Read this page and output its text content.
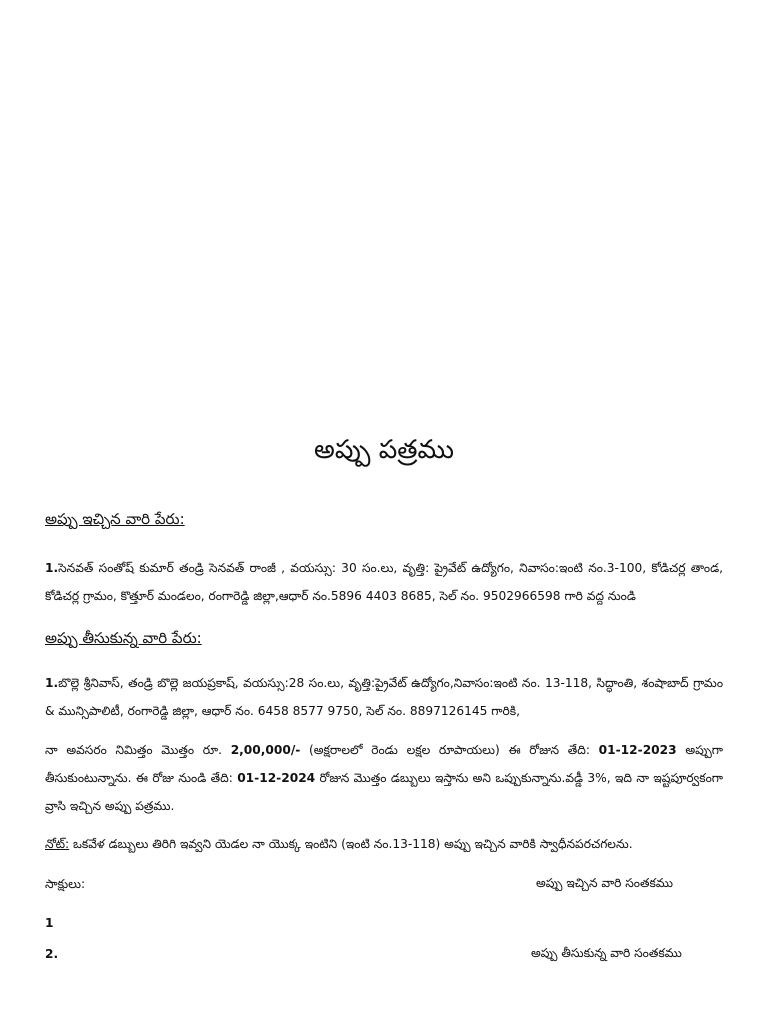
అప్పు పత్రము
అప్పు ఇచ్చిన వారి పేరు:

1.సెనవత్ సంతోష్ కుమార్ తండ్రి సెనవత్ రాంజీ , వయస్సు: 30 సం.లు, వృత్తి: ప్రైవేట్ ఉద్యోగం, నివాసం:ఇంటి నం.3-100, కోడిచర్ల తాండ, కోడిచర్ల గ్రామం, కొత్తూర్ మండలం, రంగారెడ్డి జిల్లా,ఆధార్ నం.5896 4403 8685, సెల్ నం. 9502966598 గారి వద్ద నుండి

అప్పు తీసుకున్న వారి పేరు:

1.బొల్లె శ్రీనివాస్, తండ్రి బొల్లె జయప్రకాష్, వయస్సు:28 సం.లు, వృత్తి:ప్రైవేట్ ఉద్యోగం,నివాసం:ఇంటి నం. 13-118, సిద్ధాంతి, శంషాబాద్ గ్రామం & మున్సిపాలిటీ, రంగారెడ్డి జిల్లా, ఆధార్ నం. 6458 8577 9750, సెల్ నం. 8897126145 గారికి,

నా అవసరం నిమిత్తం మొత్తం రూ. 2,00,000/- (అక్షరాలలో రెండు లక్షల రూపాయలు) ఈ రోజున తేది: 01-12-2023 అప్పుగా తీసుకుంటున్నాను. ఈ రోజు నుండి తేది: 01-12-2024 రోజున మొత్తం డబ్బులు ఇస్తాను అని ఒప్పుకున్నాను.వడ్డీ 3%, ఇది నా ఇష్టపూర్వకంగా వ్రాసి ఇచ్చిన అప్పు పత్రము.

నోట్: ఒకవేళ డబ్బులు తిరిగి ఇవ్వని యెడల నా యొక్క ఇంటిని (ఇంటి నం.13-118) అప్పు ఇచ్చిన వారికి స్వాధీనపరచగలను.

సాక్షులు:	అప్పు ఇచ్చిన వారి సంతకము

1

2.	అప్పు తీసుకున్న వారి సంతకము
